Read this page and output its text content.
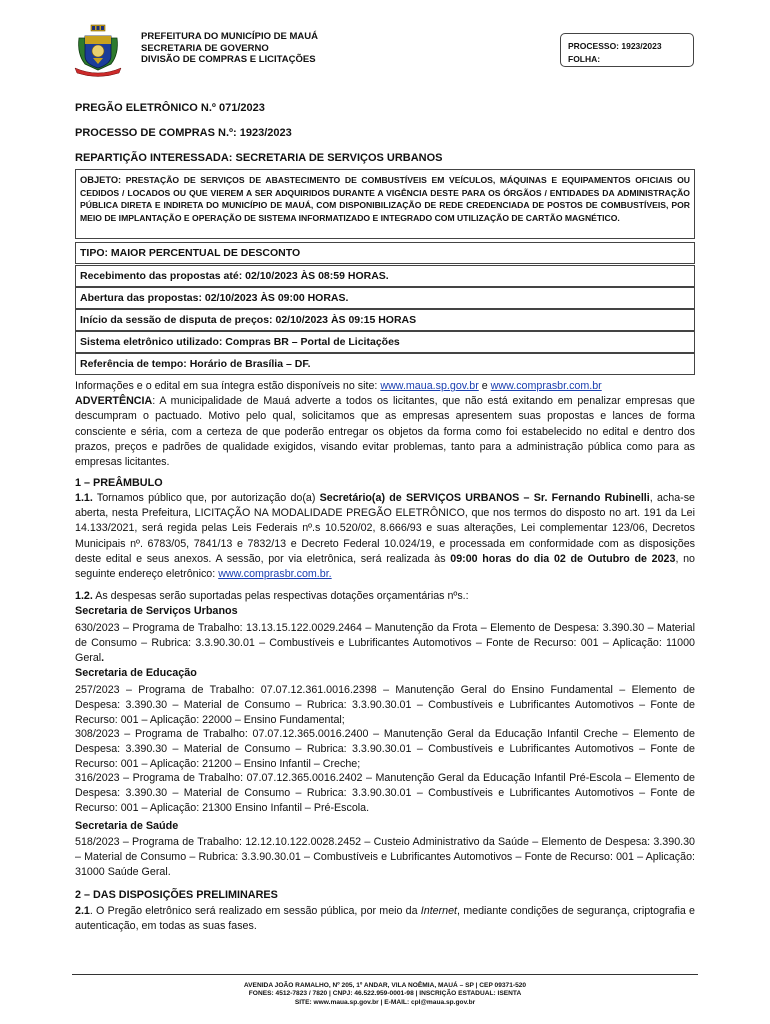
PREFEITURA DO MUNICÍPIO DE MAUÁ
SECRETARIA DE GOVERNO
DIVISÃO DE COMPRAS E LICITAÇÕES
PROCESSO: 1923/2023
FOLHA:
PREGÃO ELETRÔNICO N.º 071/2023
PROCESSO DE COMPRAS N.º: 1923/2023
REPARTIÇÃO INTERESSADA: SECRETARIA DE SERVIÇOS URBANOS
OBJETO: PRESTAÇÃO DE SERVIÇOS DE ABASTECIMENTO DE COMBUSTÍVEIS EM VEÍCULOS, MÁQUINAS E EQUIPAMENTOS OFICIAIS OU CEDIDOS / LOCADOS OU QUE VIEREM A SER ADQUIRIDOS DURANTE A VIGÊNCIA DESTE PARA OS ÓRGÃOS / ENTIDADES DA ADMINISTRAÇÃO PÚBLICA DIRETA E INDIRETA DO MUNICÍPIO DE MAUÁ, COM DISPONIBILIZAÇÃO DE REDE CREDENCIADA DE POSTOS DE COMBUSTÍVEIS, POR MEIO DE IMPLANTAÇÃO E OPERAÇÃO DE SISTEMA INFORMATIZADO E INTEGRADO COM UTILIZAÇÃO DE CARTÃO MAGNÉTICO.
TIPO: MAIOR PERCENTUAL DE DESCONTO
Recebimento das propostas até: 02/10/2023 ÀS 08:59 HORAS.
Abertura das propostas: 02/10/2023 ÀS 09:00 HORAS.
Início da sessão de disputa de preços: 02/10/2023 ÀS 09:15 HORAS
Sistema eletrônico utilizado: Compras BR – Portal de Licitações
Referência de tempo: Horário de Brasília – DF.
Informações e o edital em sua íntegra estão disponíveis no site: www.maua.sp.gov.br e www.comprasbr.com.br
ADVERTÊNCIA: A municipalidade de Mauá adverte a todos os licitantes, que não está exitando em penalizar empresas que descumpram o pactuado. Motivo pelo qual, solicitamos que as empresas apresentem suas propostas e lances de forma consciente e séria, com a certeza de que poderão entregar os objetos da forma como foi estabelecido no edital e dentro dos prazos, preços e padrões de qualidade exigidos, visando evitar problemas, tanto para a administração pública como para as empresas licitantes.
1 – PREÂMBULO
1.1. Tornamos público que, por autorização do(a) Secretário(a) de SERVIÇOS URBANOS – Sr. Fernando Rubinelli, acha-se aberta, nesta Prefeitura, LICITAÇÃO NA MODALIDADE PREGÃO ELETRÔNICO, que nos termos do disposto no art. 191 da Lei 14.133/2021, será regida pelas Leis Federais nº.s 10.520/02, 8.666/93 e suas alterações, Lei complementar 123/06, Decretos Municipais nº. 6783/05, 7841/13 e 7832/13 e Decreto Federal 10.024/19, e processada em conformidade com as disposições deste edital e seus anexos. A sessão, por via eletrônica, será realizada às 09:00 horas do dia 02 de Outubro de 2023, no seguinte endereço eletrônico: www.comprasbr.com.br.
1.2. As despesas serão suportadas pelas respectivas dotações orçamentárias nºs.:
Secretaria de Serviços Urbanos
630/2023 – Programa de Trabalho: 13.13.15.122.0029.2464 – Manutenção da Frota – Elemento de Despesa: 3.390.30 – Material de Consumo – Rubrica: 3.3.90.30.01 – Combustíveis e Lubrificantes Automotivos – Fonte de Recurso: 001 – Aplicação: 11000 Geral.
Secretaria de Educação
257/2023 – Programa de Trabalho: 07.07.12.361.0016.2398 – Manutenção Geral do Ensino Fundamental – Elemento de Despesa: 3.390.30 – Material de Consumo – Rubrica: 3.3.90.30.01 – Combustíveis e Lubrificantes Automotivos – Fonte de Recurso: 001 – Aplicação: 22000 – Ensino Fundamental;
308/2023 – Programa de Trabalho: 07.07.12.365.0016.2400 – Manutenção Geral da Educação Infantil Creche – Elemento de Despesa: 3.390.30 – Material de Consumo – Rubrica: 3.3.90.30.01 – Combustíveis e Lubrificantes Automotivos – Fonte de Recurso: 001 – Aplicação: 21200 – Ensino Infantil – Creche;
316/2023 – Programa de Trabalho: 07.07.12.365.0016.2402 – Manutenção Geral da Educação Infantil Pré-Escola – Elemento de Despesa: 3.390.30 – Material de Consumo – Rubrica: 3.3.90.30.01 – Combustíveis e Lubrificantes Automotivos – Fonte de Recurso: 001 – Aplicação: 21300 Ensino Infantil – Pré-Escola.
Secretaria de Saúde
518/2023 – Programa de Trabalho: 12.12.10.122.0028.2452 – Custeio Administrativo da Saúde – Elemento de Despesa: 3.390.30 – Material de Consumo – Rubrica: 3.3.90.30.01 – Combustíveis e Lubrificantes Automotivos – Fonte de Recurso: 001 – Aplicação: 31000 Saúde Geral.
2 – DAS DISPOSIÇÕES PRELIMINARES
2.1. O Pregão eletrônico será realizado em sessão pública, por meio da Internet, mediante condições de segurança, criptografia e autenticação, em todas as suas fases.
AVENIDA JOÃO RAMALHO, Nº 205, 1º ANDAR, VILA NOÊMIA, MAUÁ – SP | CEP 09371-520
FONES: 4512-7823 / 7820 | CNPJ: 46.522.959-0001-98 | INSCRIÇÃO ESTADUAL: ISENTA
SITE: www.maua.sp.gov.br | E-MAIL: cpl@maua.sp.gov.br
